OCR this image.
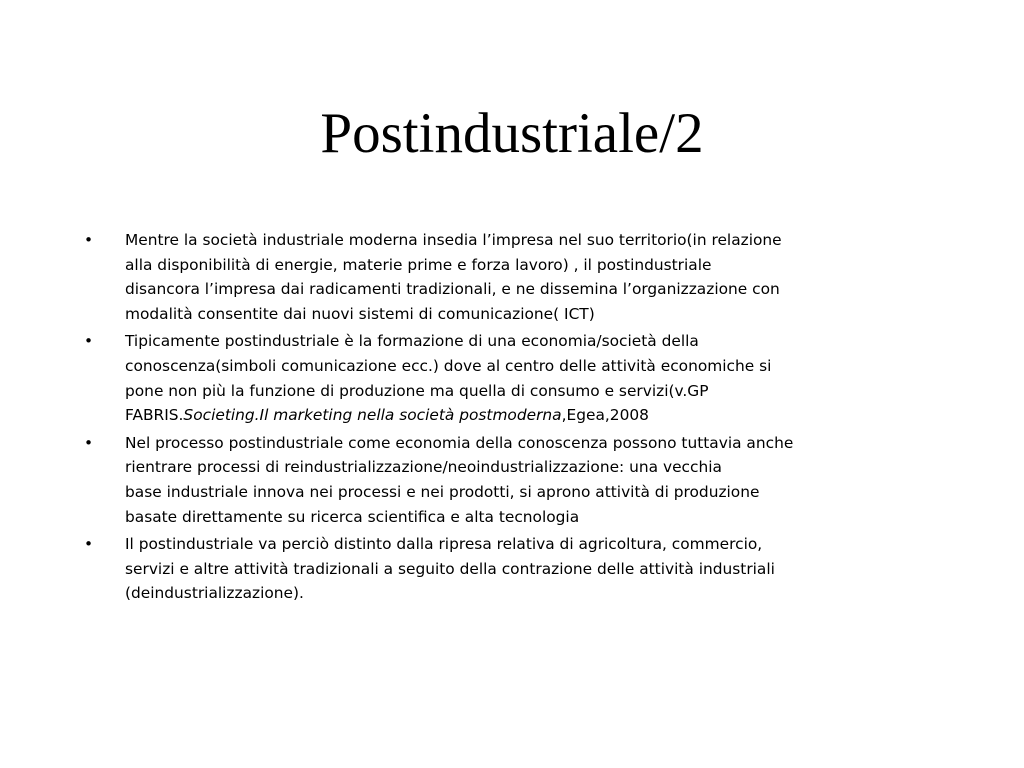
Postindustriale/2
•	Mentre la società industriale moderna insedia l’impresa nel suo territorio(in relazione
alla disponibilità di energie, materie prime e forza lavoro) , il postindustriale
disancora l’impresa dai radicamenti tradizionali, e ne dissemina l’organizzazione con
modalità consentite dai nuovi sistemi di comunicazione( ICT)
•	Tipicamente postindustriale è la formazione di una economia/società della
conoscenza(simboli comunicazione ecc.) dove al centro delle attività economiche si
pone non più la funzione di produzione ma quella di consumo e servizi(v.GP
FABRIS.Societing.Il marketing nella società postmoderna,Egea,2008
•	Nel processo postindustriale come economia della conoscenza possono tuttavia anche
rientrare processi di reindustrializzazione/neoindustrializzazione: una vecchia
base industriale innova nei processi e nei prodotti, si aprono attività di produzione
basate direttamente su ricerca scientifica e alta tecnologia
•	Il postindustriale va perciò distinto dalla ripresa relativa di agricoltura, commercio,
servizi e altre attività tradizionali a seguito della contrazione delle attività industriali
(deindustrializzazione).
